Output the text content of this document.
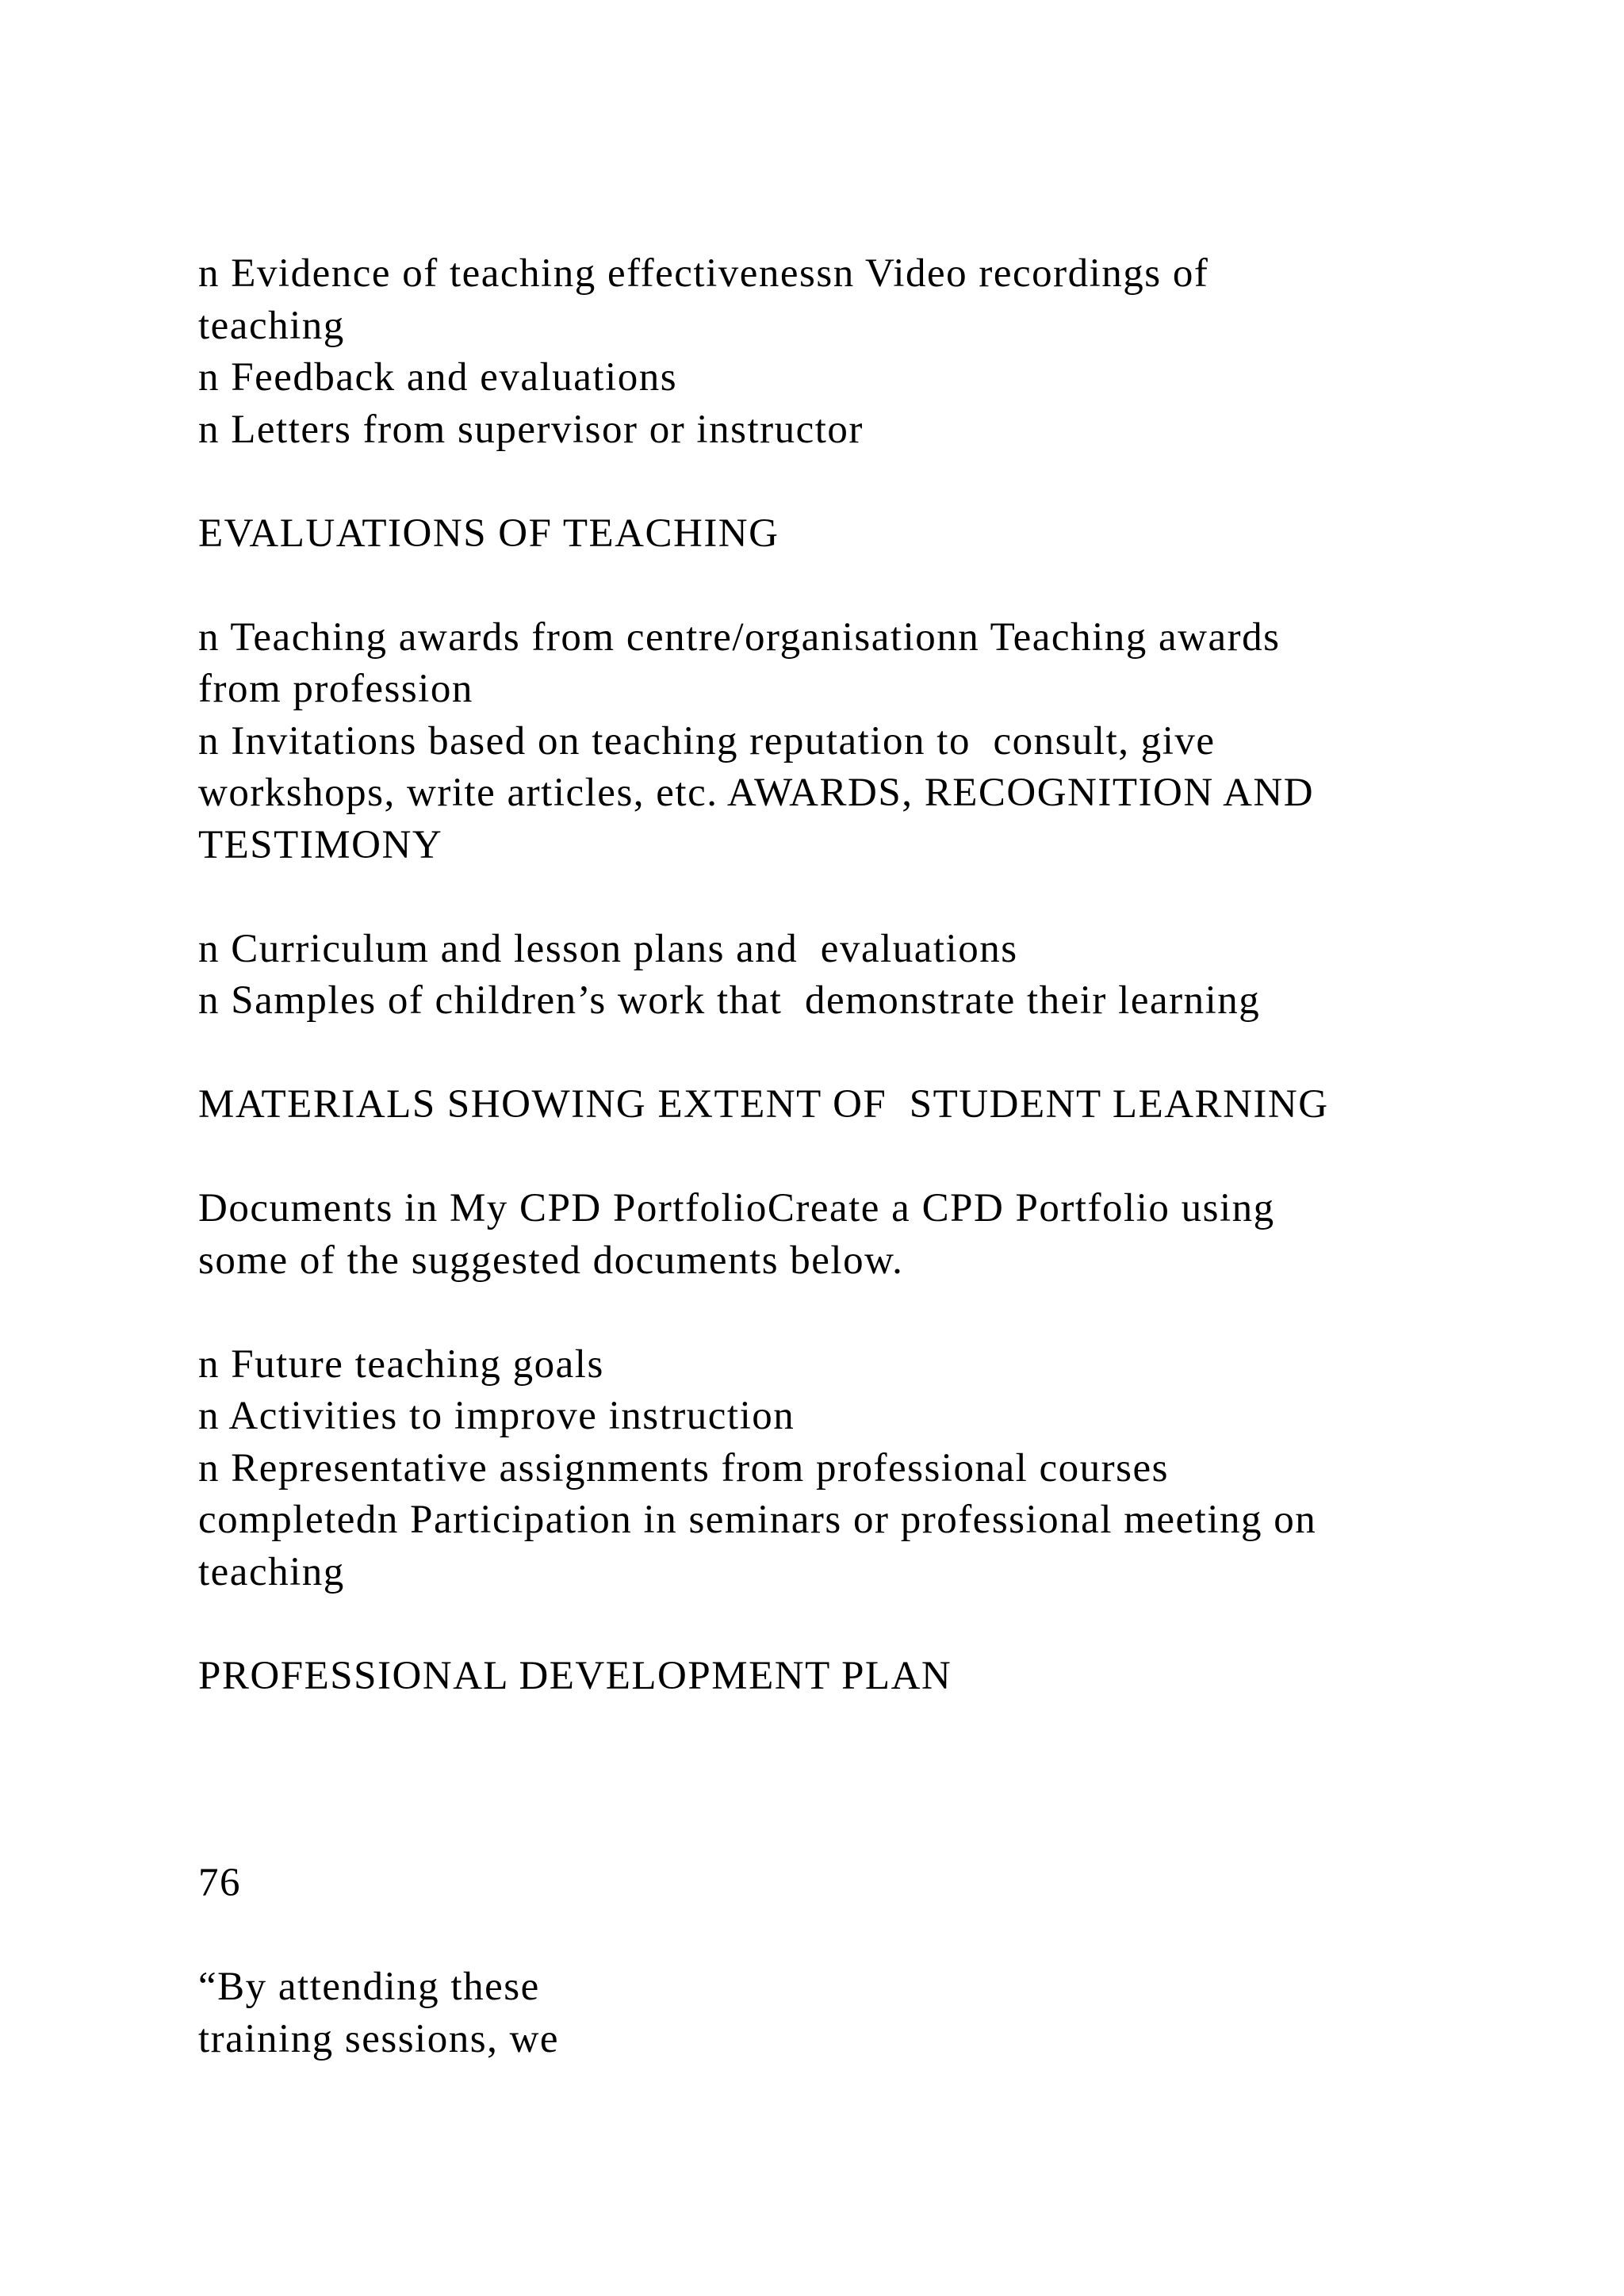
n Evidence of teaching effectivenessn Video recordings of
teaching
n Feedback and evaluations
n Letters from supervisor or instructor
EVALUATIONS OF TEACHING
n Teaching awards from centre/organisationn Teaching awards
from profession
n Invitations based on teaching reputation to  consult, give
workshops, write articles, etc. AWARDS, RECOGNITION AND
TESTIMONY
n Curriculum and lesson plans and  evaluations
n Samples of children’s work that  demonstrate their learning
MATERIALS SHOWING EXTENT OF  STUDENT LEARNING
Documents in My CPD PortfolioCreate a CPD Portfolio using
some of the suggested documents below.
n Future teaching goals
n Activities to improve instruction
n Representative assignments from professional courses
completedn Participation in seminars or professional meeting on
teaching
PROFESSIONAL DEVELOPMENT PLAN
76
“By attending these
training sessions, we
